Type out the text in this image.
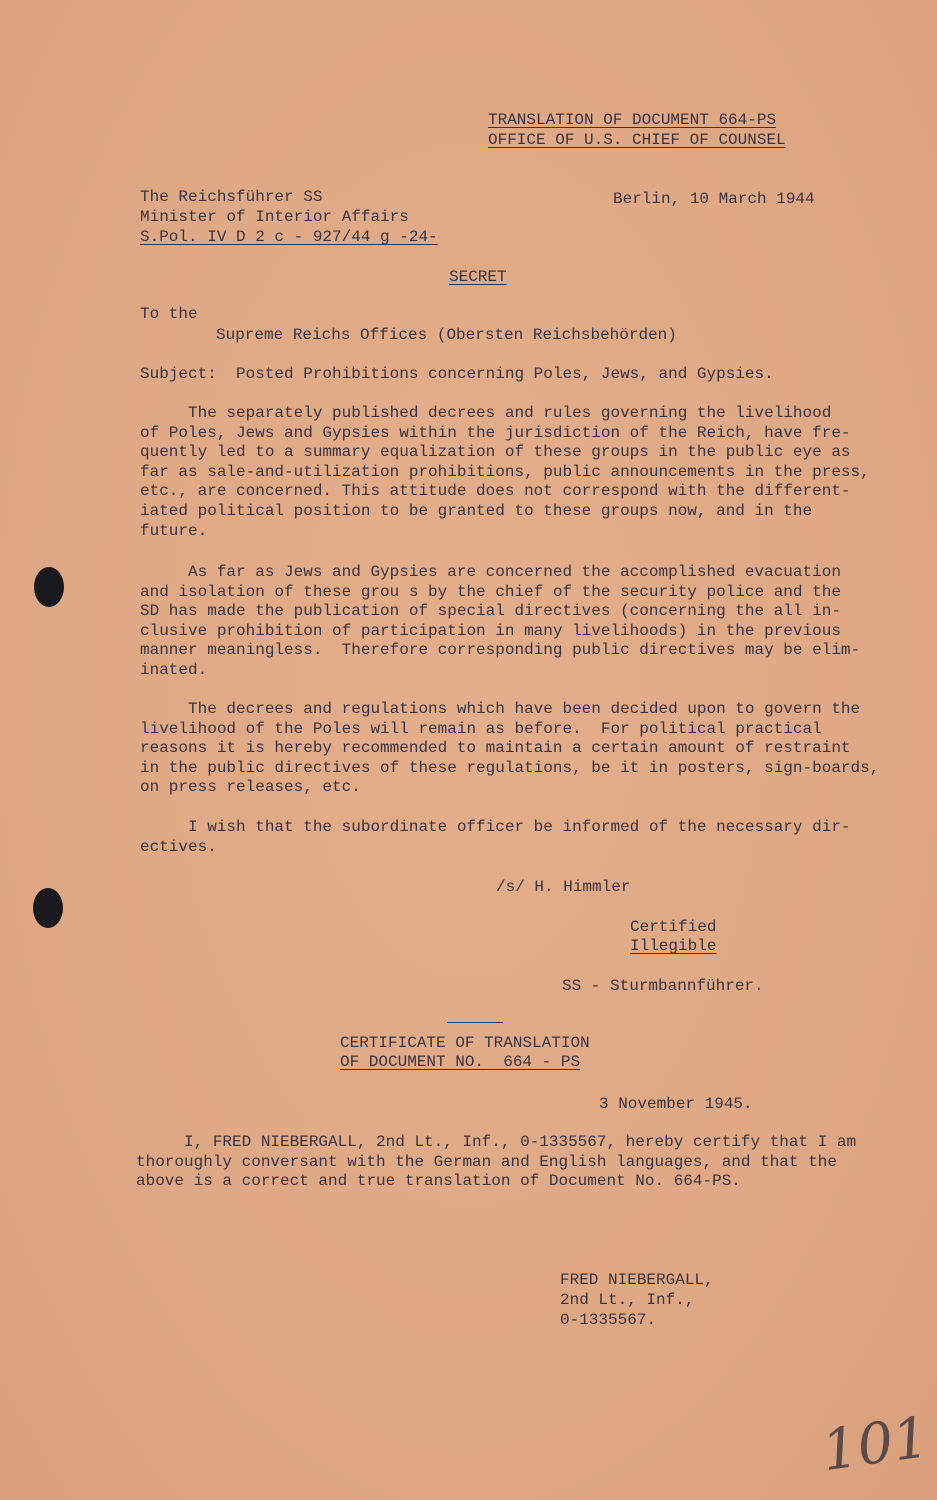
TRANSLATION OF DOCUMENT 664-PS
OFFICE OF U.S. CHIEF OF COUNSEL
The Reichsführer SS
Minister of Interior Affairs
S.Pol. IV D 2 c - 927/44 g -24-
Berlin, 10 March 1944
SECRET
To the
Supreme Reichs Offices (Obersten Reichsbehörden)
Subject:  Posted Prohibitions concerning Poles, Jews, and Gypsies.
The separately published decrees and rules governing the livelihood
of Poles, Jews and Gypsies within the jurisdiction of the Reich, have fre-
quently led to a summary equalization of these groups in the public eye as
far as sale-and-utilization prohibitions, public announcements in the press,
etc., are concerned. This attitude does not correspond with the different-
iated political position to be granted to these groups now, and in the
future.
As far as Jews and Gypsies are concerned the accomplished evacuation
and isolation of these grou s by the chief of the security police and the
SD has made the publication of special directives (concerning the all in-
clusive prohibition of participation in many livelihoods) in the previous
manner meaningless.  Therefore corresponding public directives may be elim-
inated.
The decrees and regulations which have been decided upon to govern the
livelihood of the Poles will remain as before.  For political practical
reasons it is hereby recommended to maintain a certain amount of restraint
in the public directives of these regulations, be it in posters, sign-boards,
on press releases, etc.
I wish that the subordinate officer be informed of the necessary dir-
ectives.
/s/ H. Himmler
Certified
Illegible
SS - Sturmbannführer.
CERTIFICATE OF TRANSLATION
OF DOCUMENT NO.  664 - PS
3 November 1945.
I, FRED NIEBERGALL, 2nd Lt., Inf., 0-1335567, hereby certify that I am
thoroughly conversant with the German and English languages, and that the
above is a correct and true translation of Document No. 664-PS.
FRED NIEBERGALL,
2nd Lt., Inf.,
0-1335567.
101
